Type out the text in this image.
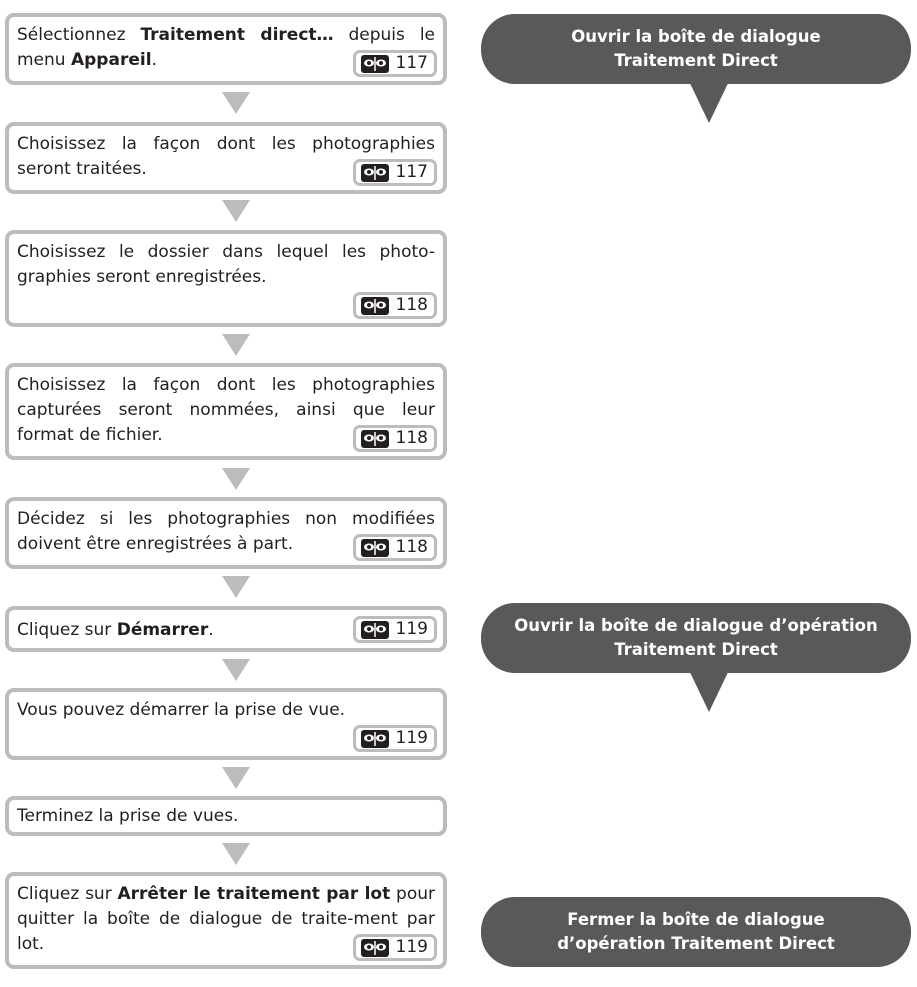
Sélectionnez Traitement direct… depuis le menu Appareil.	117
Choisissez la façon dont les photographies seront traitées.	117
Choisissez le dossier dans lequel les photo-graphies seront enregistrées.
118
Choisissez la façon dont les photographies capturées seront nommées, ainsi que leur format de fichier.	118
Décidez si les photographies non modifiées doivent être enregistrées à part.	118
Cliquez sur Démarrer.	119
Vous pouvez démarrer la prise de vue.
119
Terminez la prise de vues.
Cliquez sur Arrêter le traitement par lot pour quitter la boîte de dialogue de traite-ment par lot.	119
Ouvrir la boîte de dialogue
Traitement Direct
Ouvrir la boîte de dialogue d’opération
Traitement Direct
Fermer la boîte de dialogue
d’opération Traitement Direct
